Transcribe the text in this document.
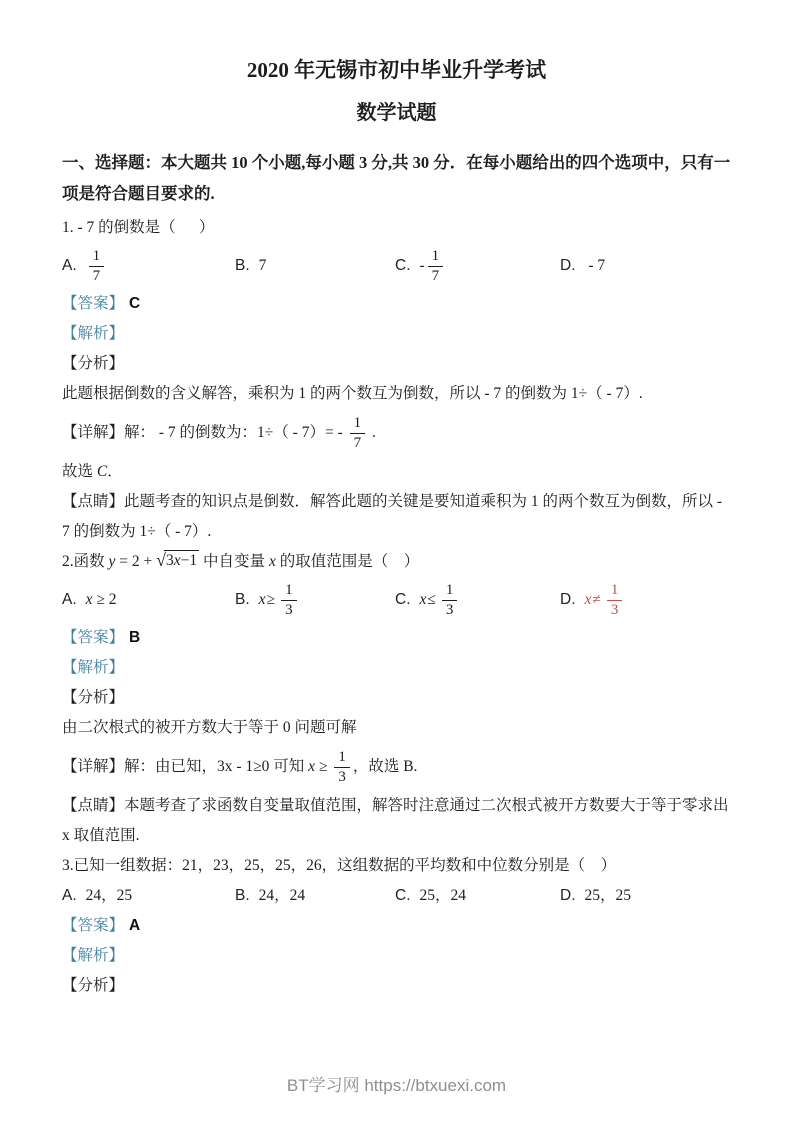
2020 年无锡市初中毕业升学考试
数学试题

一、选择题：本大题共 10 个小题,每小题 3 分,共 30 分．在每小题给出的四个选项中，只有一项是符合题目要求的.

1. - 7 的倒数是（      ）

A. $\frac{1}{7}$	B. 7	C. - $\frac{1}{7}$	D. - 7

【答案】 C

【解析】

【分析】

此题根据倒数的含义解答，乘积为 1 的两个数互为倒数，所以 - 7 的倒数为 1÷（ - 7）.

【详解】解： - 7 的倒数为：$1\div( - 7)= - \frac{1}{7}$ .

故选 C．

【点睛】此题考查的知识点是倒数．解答此题的关键是要知道乘积为 1 的两个数互为倒数，所以 - 7 的倒数为 1÷（ - 7）.

2.函数 y = 2 + √ 3x−1 中自变量 x 的取值范围是（    ）

A. x ≥ 2	B. $x \ge \frac{1}{3}$	C. $x \le \frac{1}{3}$	D. $x \ne \frac{1}{3}$

【答案】 B

【解析】

【分析】

由二次根式的被开方数大于等于 0 问题可解

【详解】解：由已知，3x - 1≥0 可知 $x \ge \frac{1}{3}$ ，故选 B.

【点睛】本题考查了求函数自变量取值范围，解答时注意通过二次根式被开方数要大于等于零求出 x 取值范围.

3.已知一组数据：21，23，25，25，26，这组数据的平均数和中位数分别是（    ）

A. 24，25	B. 24，24	C. 25，24	D. 25，25

【答案】 A

【解析】

【分析】

BT学习网 https://btxuexi.com
